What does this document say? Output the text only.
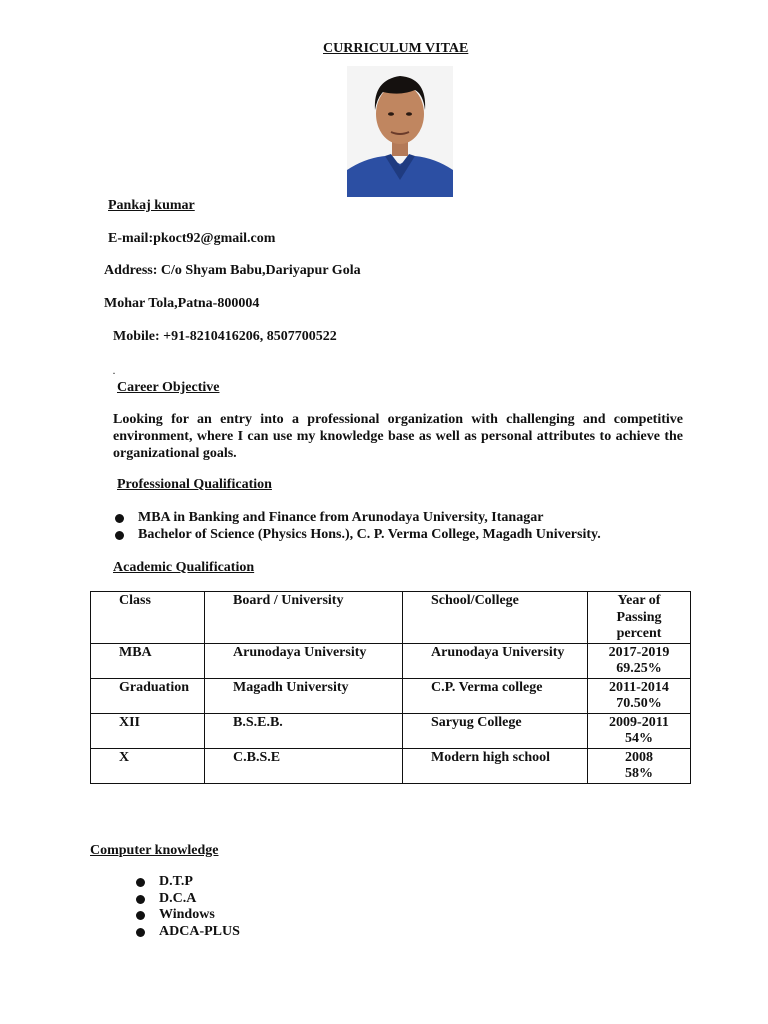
CURRICULUM VITAE
Pankaj kumar
E-mail:pkoct92@gmail.com
Address: C/o Shyam Babu,Dariyapur Gola
Mohar Tola,Patna-800004
Mobile: +91-8210416206, 8507700522
.
Career Objective
Looking for an entry into a professional organization with challenging and competitive environment, where I can use my knowledge base as well as personal attributes to achieve the organizational goals.
Professional Qualification
MBA in Banking and Finance from Arunodaya University, Itanagar
Bachelor of Science (Physics Hons.), C. P. Verma College, Magadh University.
Academic Qualification
Class	Board / University	School/College	Year of
Passing
percent

MBA	Arunodaya University	Arunodaya University	2017-2019
69.25%

Graduation	Magadh University	C.P. Verma college	2011-2014
70.50%

XII	B.S.E.B.	Saryug College	2009-2011
54%

X	C.B.S.E	Modern high school	2008
58%
Computer knowledge
D.T.P
D.C.A
Windows
ADCA-PLUS
